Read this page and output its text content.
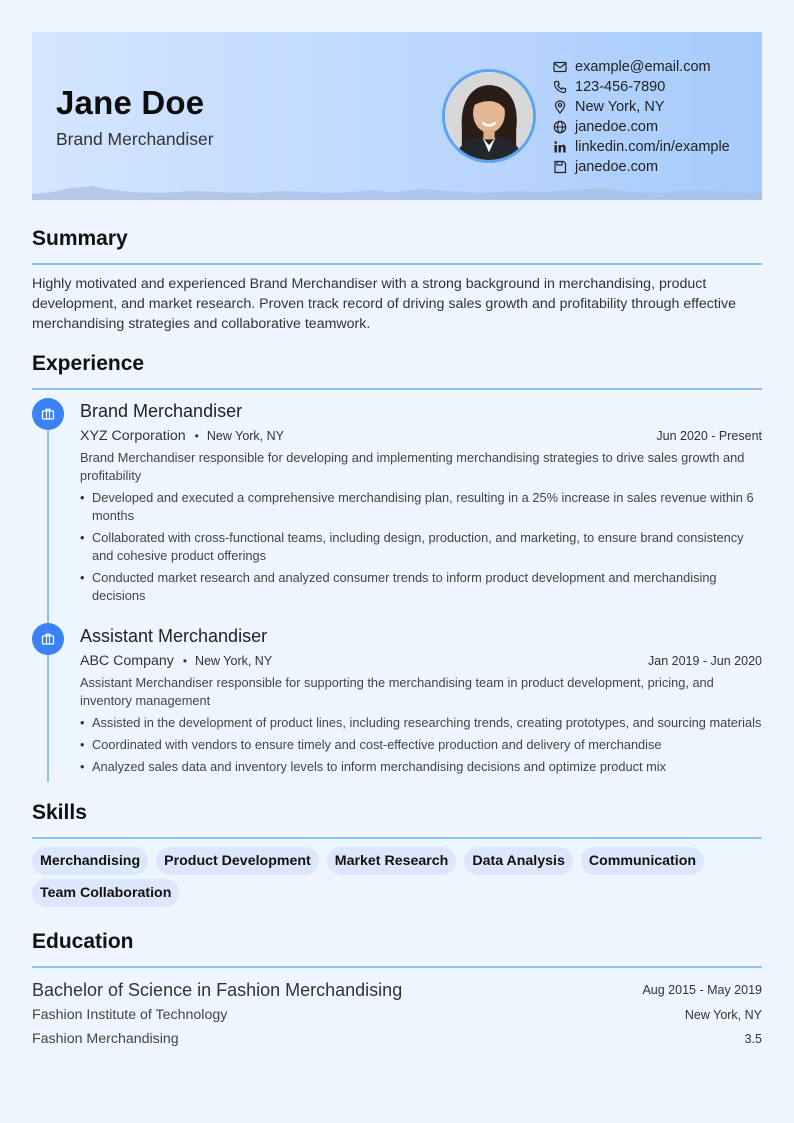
Jane Doe
Brand Merchandiser
example@email.com
123-456-7890
New York, NY
janedoe.com
linkedin.com/in/example
janedoe.com
Summary
Highly motivated and experienced Brand Merchandiser with a strong background in merchandising, product development, and market research. Proven track record of driving sales growth and profitability through effective merchandising strategies and collaborative teamwork.
Experience
Brand Merchandiser
XYZ Corporation • New York, NY	Jun 2020 - Present
Brand Merchandiser responsible for developing and implementing merchandising strategies to drive sales growth and profitability
• Developed and executed a comprehensive merchandising plan, resulting in a 25% increase in sales revenue within 6 months
• Collaborated with cross-functional teams, including design, production, and marketing, to ensure brand consistency and cohesive product offerings
• Conducted market research and analyzed consumer trends to inform product development and merchandising decisions
Assistant Merchandiser
ABC Company • New York, NY	Jan 2019 - Jun 2020
Assistant Merchandiser responsible for supporting the merchandising team in product development, pricing, and inventory management
• Assisted in the development of product lines, including researching trends, creating prototypes, and sourcing materials
• Coordinated with vendors to ensure timely and cost-effective production and delivery of merchandise
• Analyzed sales data and inventory levels to inform merchandising decisions and optimize product mix
Skills
Merchandising	Product Development	Market Research	Data Analysis	Communication
Team Collaboration
Education
Bachelor of Science in Fashion Merchandising	Aug 2015 - May 2019
Fashion Institute of Technology	New York, NY
Fashion Merchandising	3.5
